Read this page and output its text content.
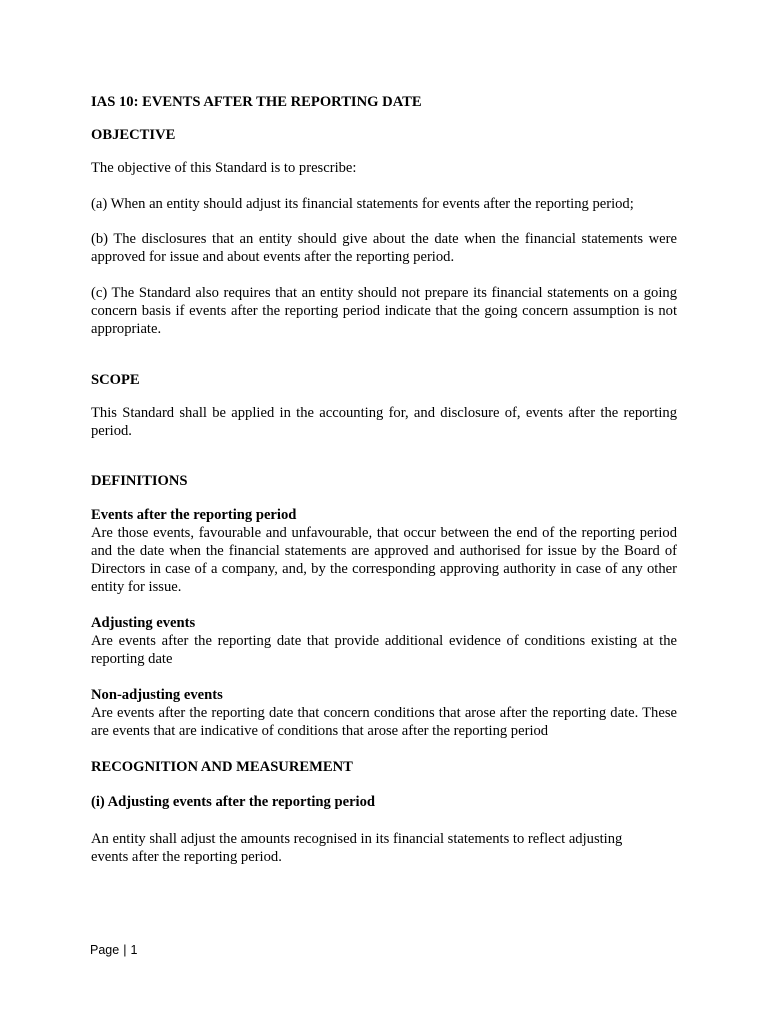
IAS 10: EVENTS AFTER THE REPORTING DATE

OBJECTIVE

The objective of this Standard is to prescribe:

(a) When an entity should adjust its financial statements for events after the reporting period;

(b) The disclosures that an entity should give about the date when the financial statements were approved for issue and about events after the reporting period.

(c) The Standard also requires that an entity should not prepare its financial statements on a going concern basis if events after the reporting period indicate that the going concern assumption is not appropriate.

SCOPE

This Standard shall be applied in the accounting for, and disclosure of, events after the reporting period.

DEFINITIONS

Events after the reporting period

Are those events, favourable and unfavourable, that occur between the end of the reporting period and the date when the financial statements are approved and authorised for issue by the Board of Directors in case of a company, and, by the corresponding approving authority in case of any other entity for issue.

Adjusting events

Are events after the reporting date that provide additional evidence of conditions existing at the reporting date

Non-adjusting events

Are events after the reporting date that concern conditions that arose after the reporting date. These are events that are indicative of conditions that arose after the reporting period

RECOGNITION AND MEASUREMENT

(i) Adjusting events after the reporting period

An entity shall adjust the amounts recognised in its financial statements to reflect adjusting
events after the reporting period.
Page | 1
